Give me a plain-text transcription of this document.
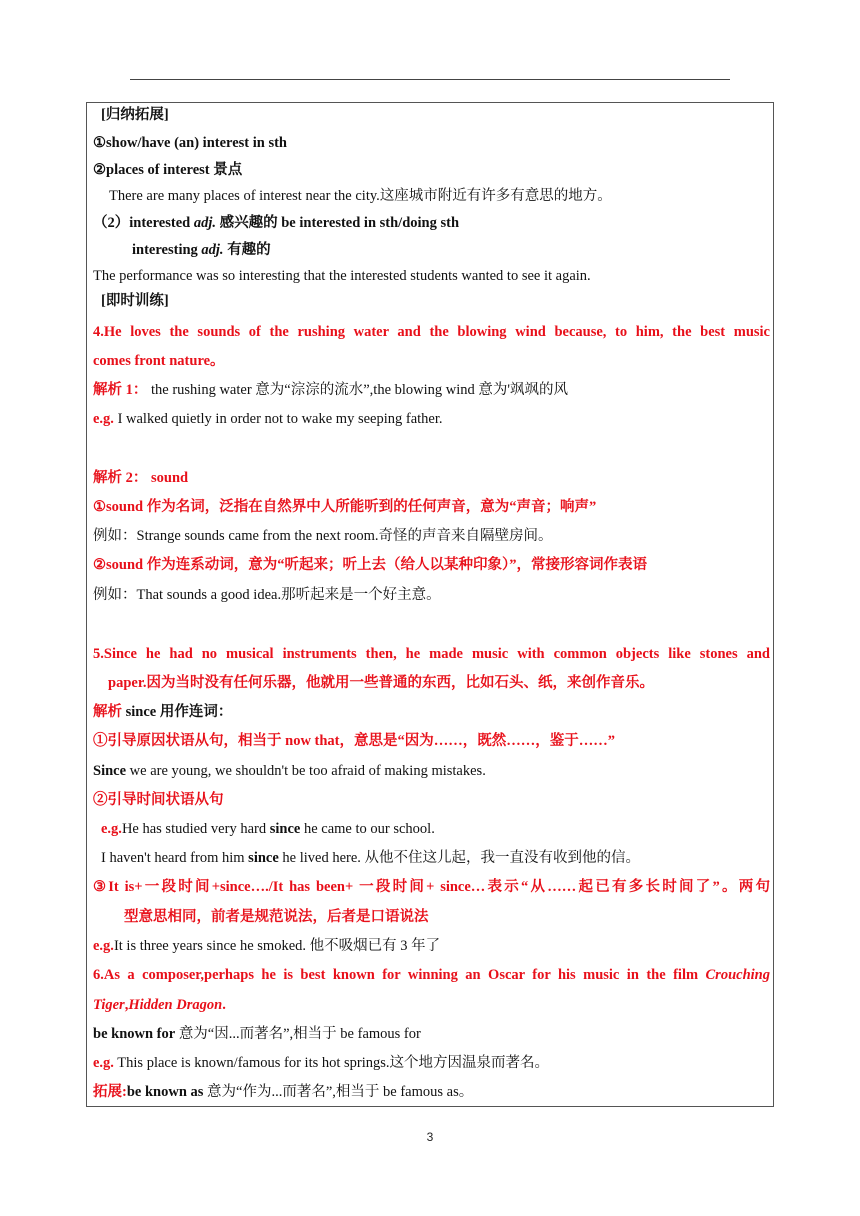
[归纳拓展]
①show/have (an) interest in sth
②places of interest 景点
There are many places of interest near the city.这座城市附近有许多有意思的地方。
（2）interested adj. 感兴趣的 be interested in sth/doing sth
interesting adj. 有趣的
The performance was so interesting that the interested students wanted to see it again.
[即时训练]
4.He loves the sounds of the rushing water and the blowing wind because, to him, the best music
comes front nature。
解析 1： the rushing water 意为“淙淙的流水”,the blowing wind 意为'飒飒的风
e.g. I walked quietly in order not to wake my seeping father.
解析 2： sound
①sound 作为名词，泛指在自然界中人所能听到的任何声音，意为“声音；响声”
例如：Strange sounds came from the next room.奇怪的声音来自隔壁房间。
②sound 作为连系动词，意为“听起来；听上去（给人以某种印象）”，常接形容词作表语
例如：That sounds a good idea.那听起来是一个好主意。
5.Since he had no musical instruments then, he made music with common objects like stones and
paper.因为当时没有任何乐器，他就用一些普通的东西，比如石头、纸，来创作音乐。
解析 since 用作连词：
①引导原因状语从句，相当于 now that，意思是“因为……，既然……，鉴于……”
Since we are young, we shouldn't be too afraid of making mistakes.
②引导时间状语从句
e.g.He has studied very hard since he came to our school.
I haven't heard from him since he lived here. 从他不住这儿起，我一直没有收到他的信。
③It is+一段时间+since…./It has been+ 一段时间+ since…表示“从……起已有多长时间了”。两句
型意思相同，前者是规范说法，后者是口语说法
e.g.It is three years since he smoked. 他不吸烟已有 3 年了
6.As a composer,perhaps he is best known for winning an Oscar for his music in the film Crouching
Tiger,Hidden Dragon.
be known for 意为“因...而著名”,相当于 be famous for
e.g. This place is known/famous for its hot springs.这个地方因温泉而著名。
拓展:be known as 意为“作为...而著名”,相当于 be famous as。
3
